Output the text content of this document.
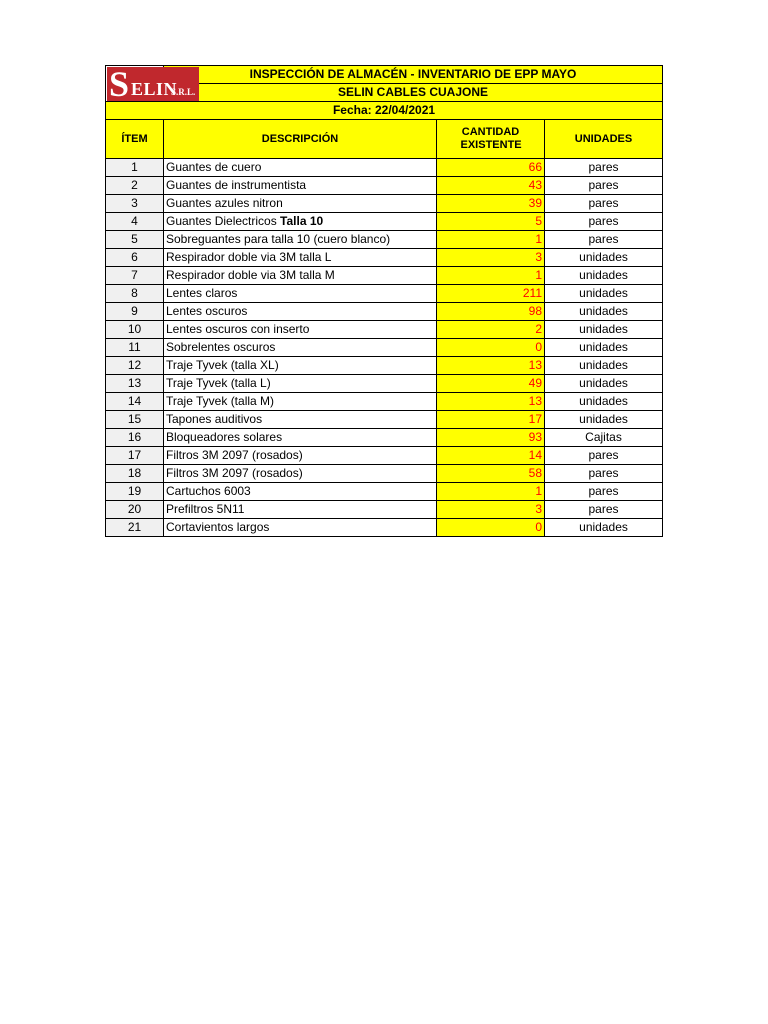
S ELIN
S.R.L.	INSPECCIÓN DE ALMACÉN - INVENTARIO DE EPP MAYO		
	SELIN CABLES CUAJONE		
Fecha: 22/04/2021			
ÍTEM	DESCRIPCIÓN	CANTIDAD EXISTENTE	UNIDADES
1	Guantes de cuero	66	pares
2	Guantes de instrumentista	43	pares
3	Guantes azules nitron	39	pares
4	Guantes Dielectricos Talla 10	5	pares
5	Sobreguantes para talla 10 (cuero blanco)	1	pares
6	Respirador doble via 3M talla L	3	unidades
7	Respirador doble via 3M talla M	1	unidades
8	Lentes claros	211	unidades
9	Lentes oscuros	98	unidades
10	Lentes oscuros con inserto	2	unidades
11	Sobrelentes oscuros	0	unidades
12	Traje Tyvek (talla XL)	13	unidades
13	Traje Tyvek (talla L)	49	unidades
14	Traje Tyvek (talla M)	13	unidades
15	Tapones auditivos	17	unidades
16	Bloqueadores solares	93	Cajitas
17	Filtros 3M 2097 (rosados)	14	pares
18	Filtros 3M 2097 (rosados)	58	pares
19	Cartuchos 6003	1	pares
20	Prefiltros 5N11	3	pares
21	Cortavientos largos	0	unidades
